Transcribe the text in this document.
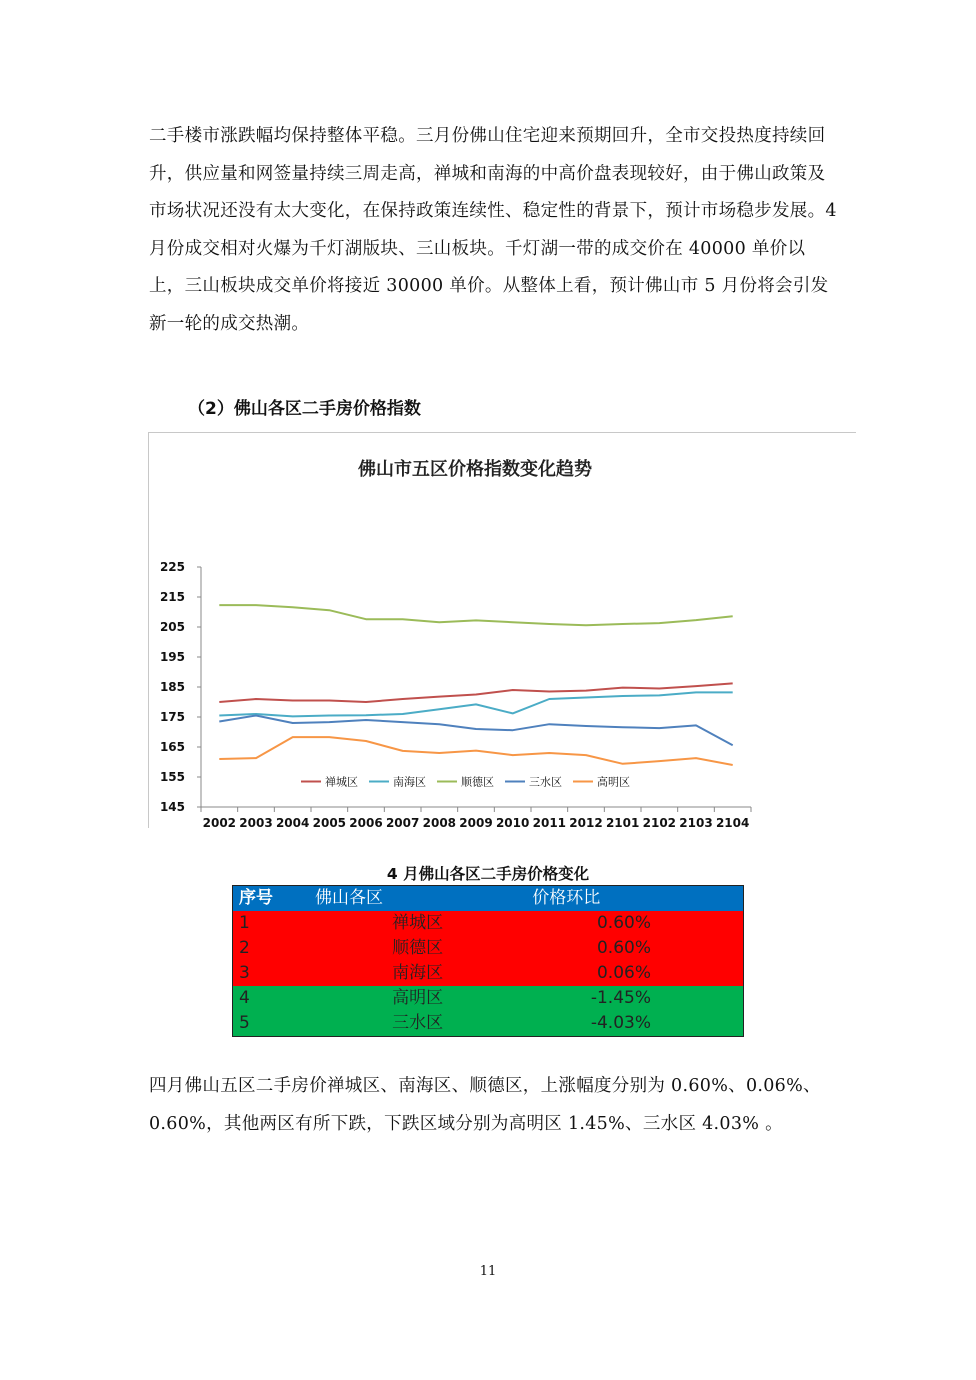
二手楼市涨跌幅均保持整体平稳。三月份佛山住宅迎来预期回升，全市交投热度持续回升，供应量和网签量持续三周走高，禅城和南海的中高价盘表现较好，由于佛山政策及市场状况还没有太大变化，在保持政策连续性、稳定性的背景下，预计市场稳步发展。4月份成交相对火爆为千灯湖版块、三山板块。千灯湖一带的成交价在 40000 单价以上，三山板块成交单价将接近 30000 单价。从整体上看，预计佛山市 5 月份将会引发新一轮的成交热潮。

（2）佛山各区二手房价格指数
佛山市五区价格指数变化趋势
145
155
165
175
185
195
205
215
225
2002 2003 2004 2005 2006 2007 2008 2009 2010 2011 2012 2101 2102 2103 2104
禅城区	南海区	顺德区	三水区	高明区
4 月佛山各区二手房价格变化
序号	佛山各区	价格环比
1	禅城区	0.60%
2	顺德区	0.60%
3	南海区	0.06%
4	高明区	-1.45%
5	三水区	-4.03%

四月佛山五区二手房价禅城区、南海区、顺德区，上涨幅度分别为 0.60%、0.06%、0.60%，其他两区有所下跌，下跌区域分别为高明区 1.45%、三水区 4.03% 。

11
